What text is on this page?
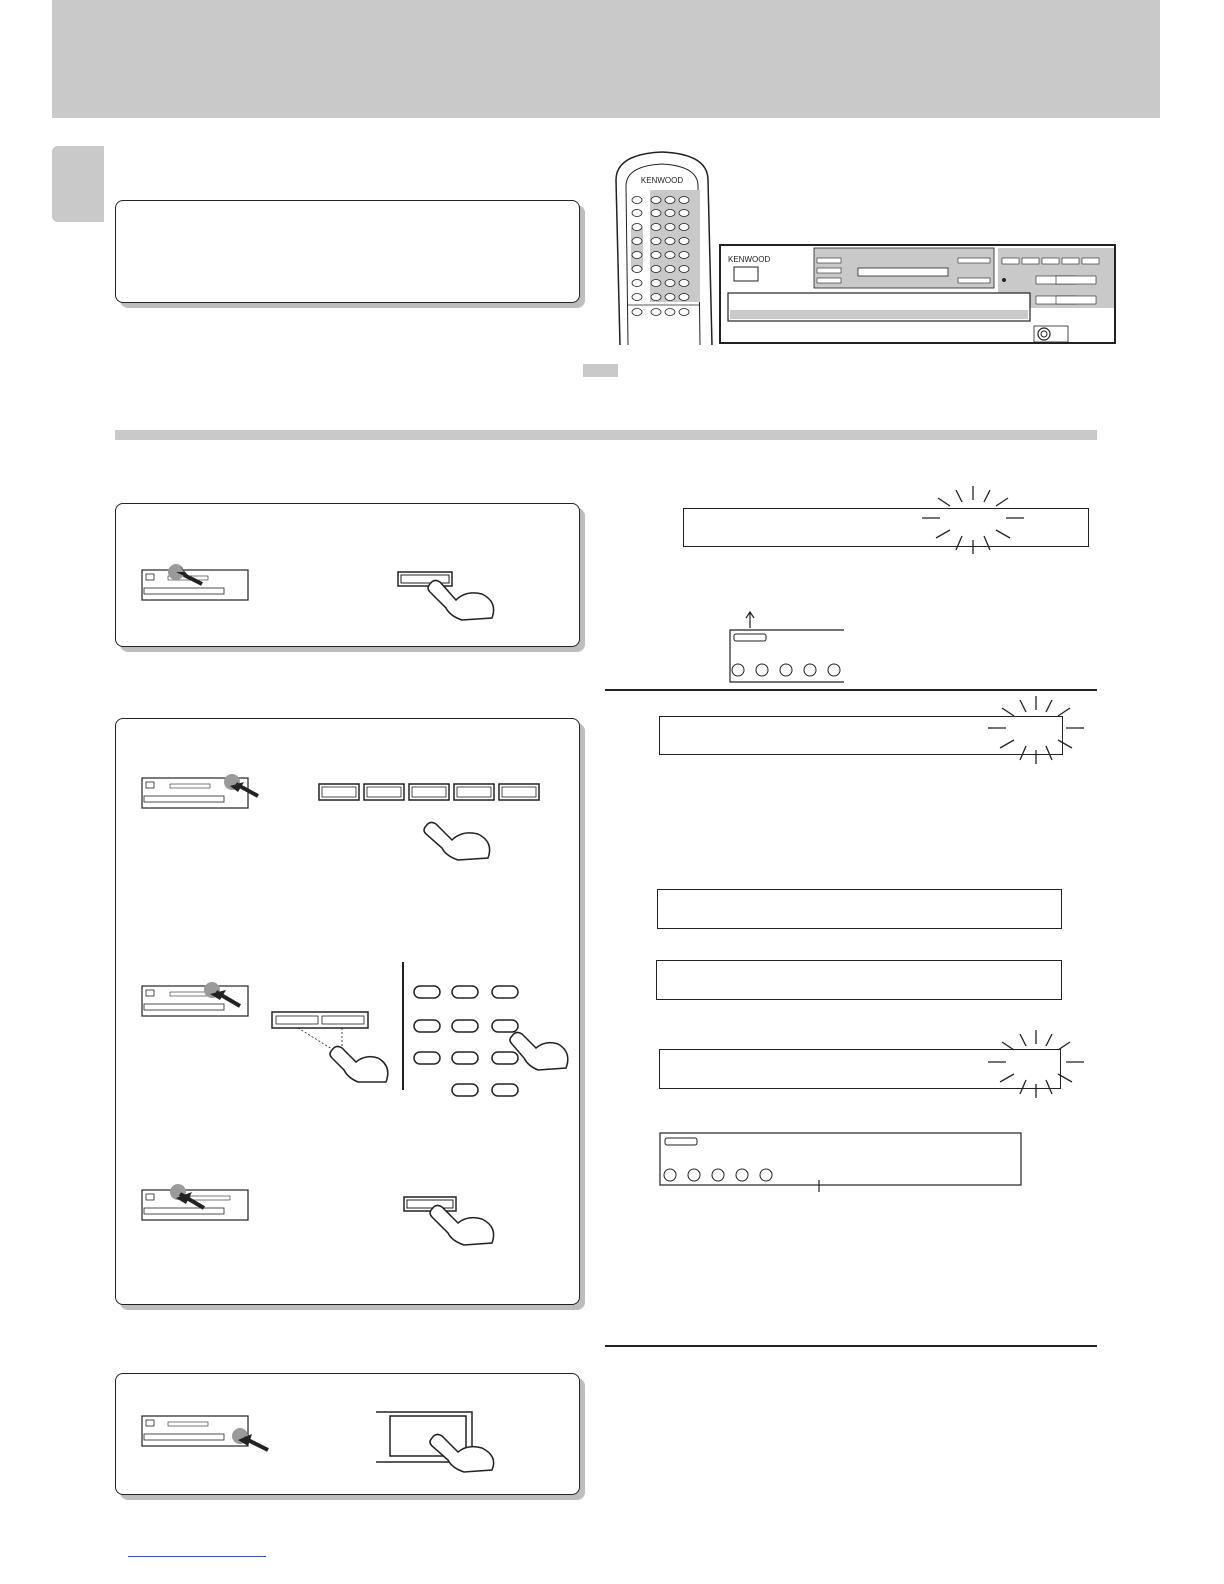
KENWOOD
KENWOOD
